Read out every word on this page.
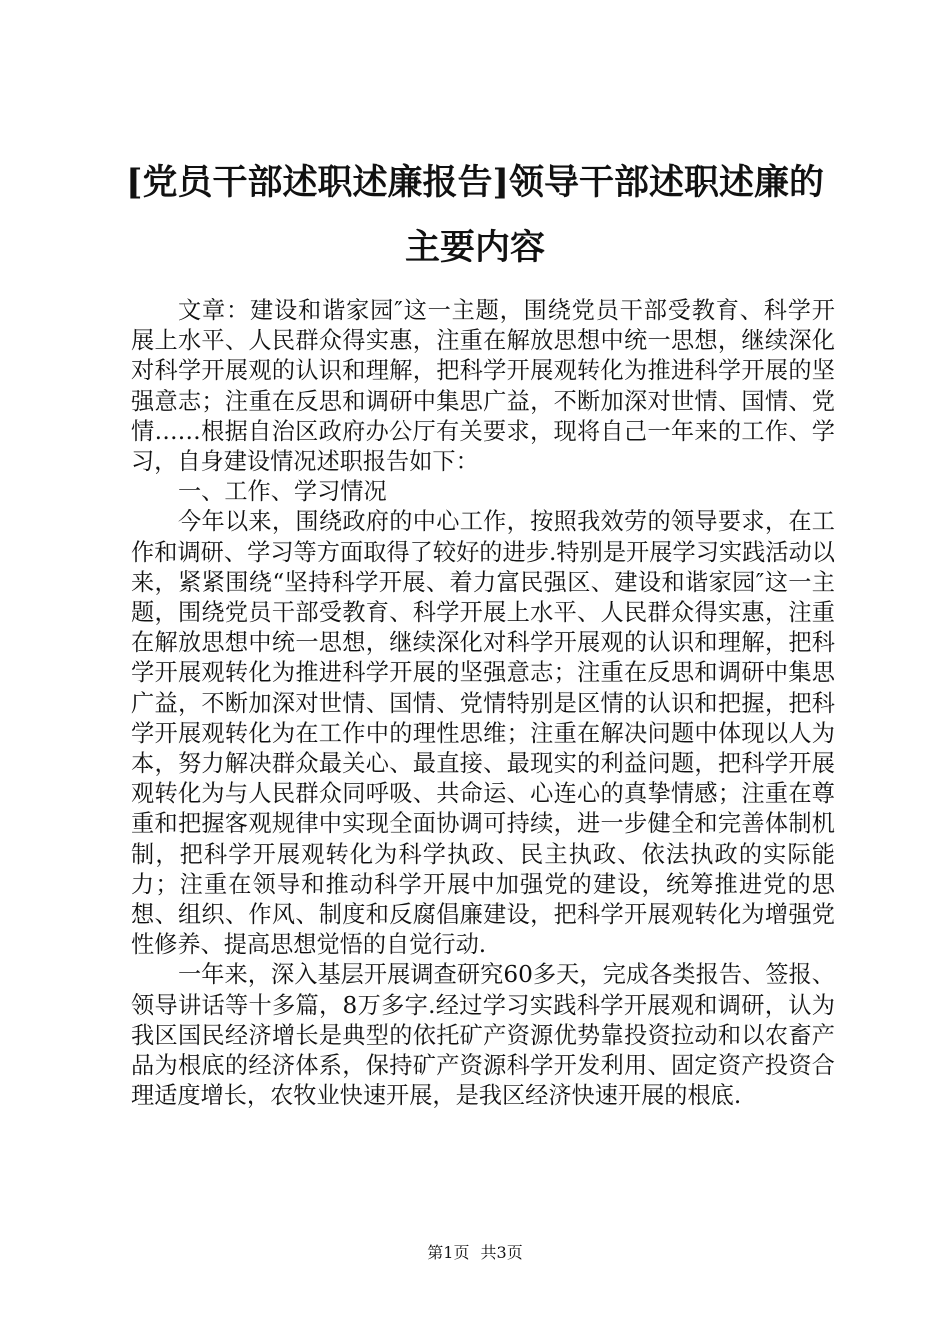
[党员干部述职述廉报告]领导干部述职述廉的
主要内容

文章：建设和谐家园″这一主题，围绕党员干部受教育、科学开展上水平、人民群众得实惠，注重在解放思想中统一思想，继续深化对科学开展观的认识和理解，把科学开展观转化为推进科学开展的坚强意志；注重在反思和调研中集思广益，不断加深对世情、国情、党情……根据自治区政府办公厅有关要求，现将自己一年来的工作、学习，自身建设情况述职报告如下：

一、工作、学习情况

今年以来，围绕政府的中心工作，按照我效劳的领导要求，在工作和调研、学习等方面取得了较好的进步.特别是开展学习实践活动以来，紧紧围绕“坚持科学开展、着力富民强区、建设和谐家园″这一主题，围绕党员干部受教育、科学开展上水平、人民群众得实惠，注重在解放思想中统一思想，继续深化对科学开展观的认识和理解，把科学开展观转化为推进科学开展的坚强意志；注重在反思和调研中集思广益，不断加深对世情、国情、党情特别是区情的认识和把握，把科学开展观转化为在工作中的理性思维；注重在解决问题中体现以人为本，努力解决群众最关心、最直接、最现实的利益问题，把科学开展观转化为与人民群众同呼吸、共命运、心连心的真挚情感；注重在尊重和把握客观规律中实现全面协调可持续，进一步健全和完善体制机制，把科学开展观转化为科学执政、民主执政、依法执政的实际能力；注重在领导和推动科学开展中加强党的建设，统筹推进党的思想、组织、作风、制度和反腐倡廉建设，把科学开展观转化为增强党性修养、提高思想觉悟的自觉行动.

一年来，深入基层开展调查研究60多天，完成各类报告、签报、领导讲话等十多篇，8万多字.经过学习实践科学开展观和调研，认为我区国民经济增长是典型的依托矿产资源优势靠投资拉动和以农畜产品为根底的经济体系，保持矿产资源科学开发利用、固定资产投资合理适度增长，农牧业快速开展，是我区经济快速开展的根底.

第1页 共3页
